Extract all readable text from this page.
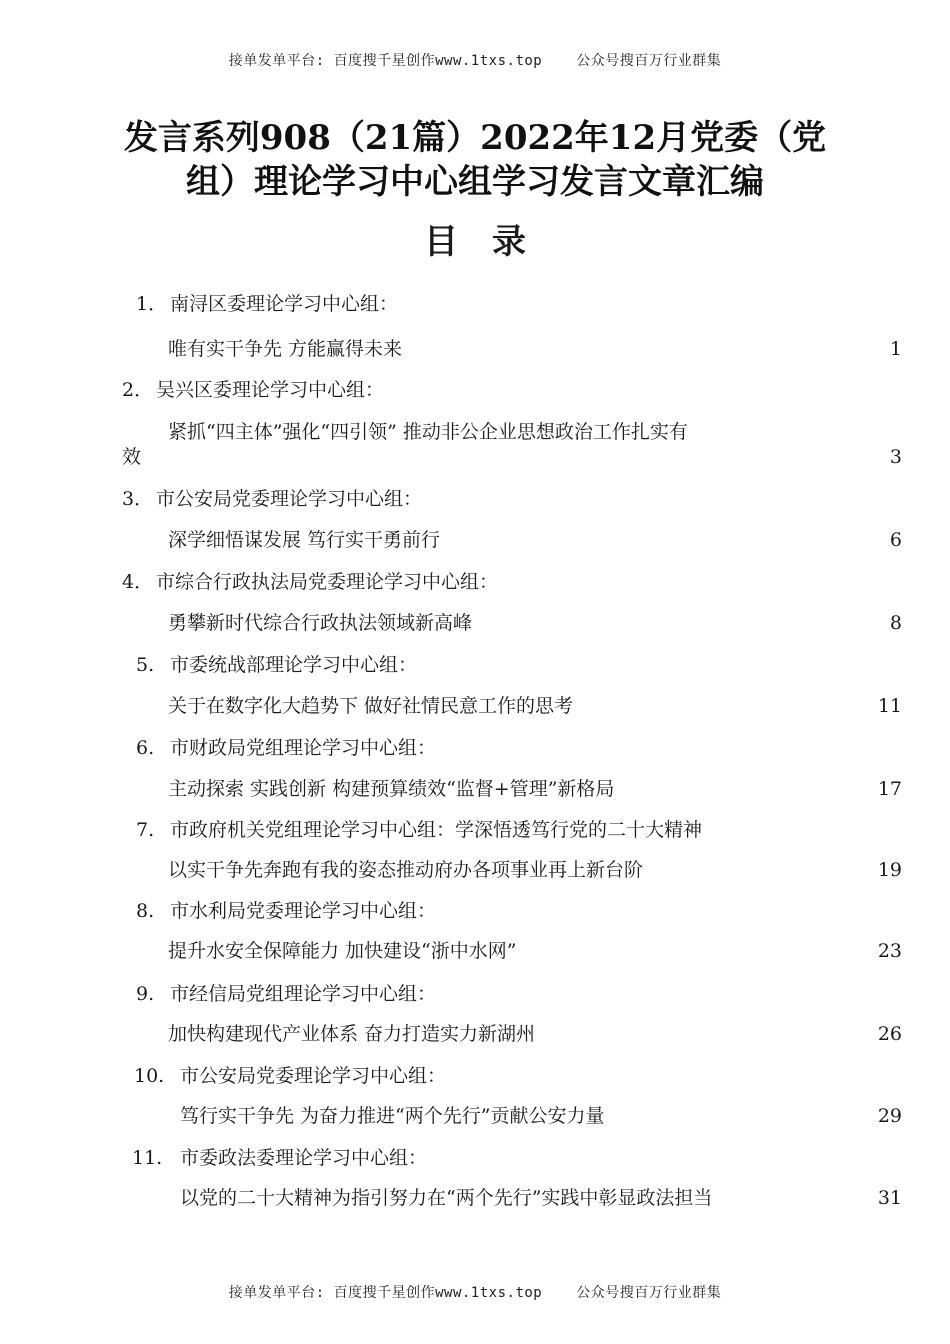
接单发单平台: 百度搜千星创作www.1txs.top 公众号搜百万行业群集
发言系列908（21篇）2022年12月党委（党
组）理论学习中心组学习发言文章汇编
目录
1． 南浔区委理论学习中心组：
唯有实干争先 方能赢得未来	1
2． 吴兴区委理论学习中心组：
紧抓“四主体”强化“四引领” 推动非公企业思想政治工作扎实有
效	3
3． 市公安局党委理论学习中心组：
深学细悟谋发展 笃行实干勇前行	6
4． 市综合行政执法局党委理论学习中心组：
勇攀新时代综合行政执法领域新高峰	8
5. 市委统战部理论学习中心组：
关于在数字化大趋势下 做好社情民意工作的思考	11
6. 市财政局党组理论学习中心组：
主动探索 实践创新 构建预算绩效“监督+管理”新格局	17
7. 市政府机关党组理论学习中心组：学深悟透笃行党的二十大精神
以实干争先奔跑有我的姿态推动府办各项事业再上新台阶	19
8. 市水利局党委理论学习中心组：
提升水安全保障能力 加快建设“浙中水网”	23
9. 市经信局党组理论学习中心组：
加快构建现代产业体系 奋力打造实力新湖州	26
10. 市公安局党委理论学习中心组：
笃行实干争先 为奋力推进“两个先行”贡献公安力量	29
11. 市委政法委理论学习中心组：
以党的二十大精神为指引努力在“两个先行”实践中彰显政法担当	31
接单发单平台: 百度搜千星创作www.1txs.top 公众号搜百万行业群集
